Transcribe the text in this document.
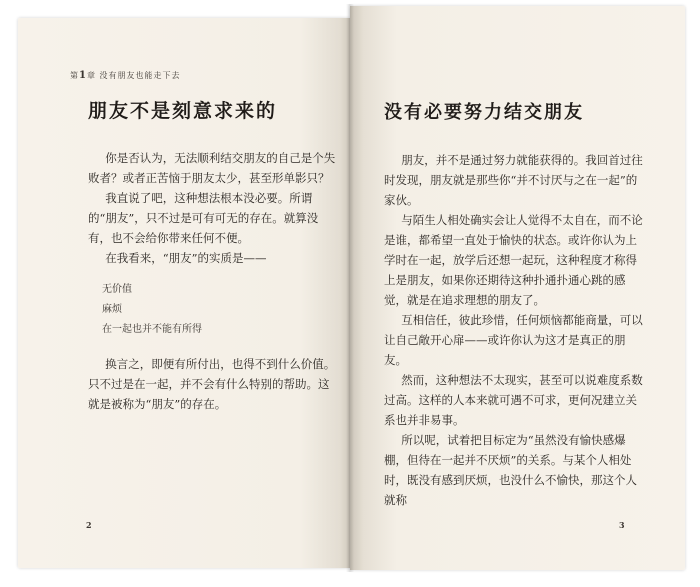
第1章 没有朋友也能走下去
朋友不是刻意求来的

你是否认为，无法顺利结交朋友的自己是个失败者？或者正苦恼于朋友太少，甚至形单影只？

我直说了吧，这种想法根本没必要。所谓的“朋友”，只不过是可有可无的存在。就算没有，也不会给你带来任何不便。

在我看来，“朋友”的实质是——

无价值

麻烦

在一起也并不能有所得

换言之，即便有所付出，也得不到什么价值。只不过是在一起，并不会有什么特别的帮助。这就是被称为“朋友”的存在。

2
没有必要努力结交朋友

朋友，并不是通过努力就能获得的。我回首过往时发现，朋友就是那些你“并不讨厌与之在一起”的家伙。

与陌生人相处确实会让人觉得不太自在，而不论是谁，都希望一直处于愉快的状态。或许你认为上学时在一起，放学后还想一起玩，这种程度才称得上是朋友，如果你还期待这种扑通扑通心跳的感觉，就是在追求理想的朋友了。

互相信任，彼此珍惜，任何烦恼都能商量，可以让自己敞开心扉——或许你认为这才是真正的朋友。

然而，这种想法不太现实，甚至可以说难度系数过高。这样的人本来就可遇不可求，更何况建立关系也并非易事。

所以呢，试着把目标定为“虽然没有愉快感爆棚，但待在一起并不厌烦”的关系。与某个人相处时，既没有感到厌烦，也没什么不愉快，那这个人就称

3
